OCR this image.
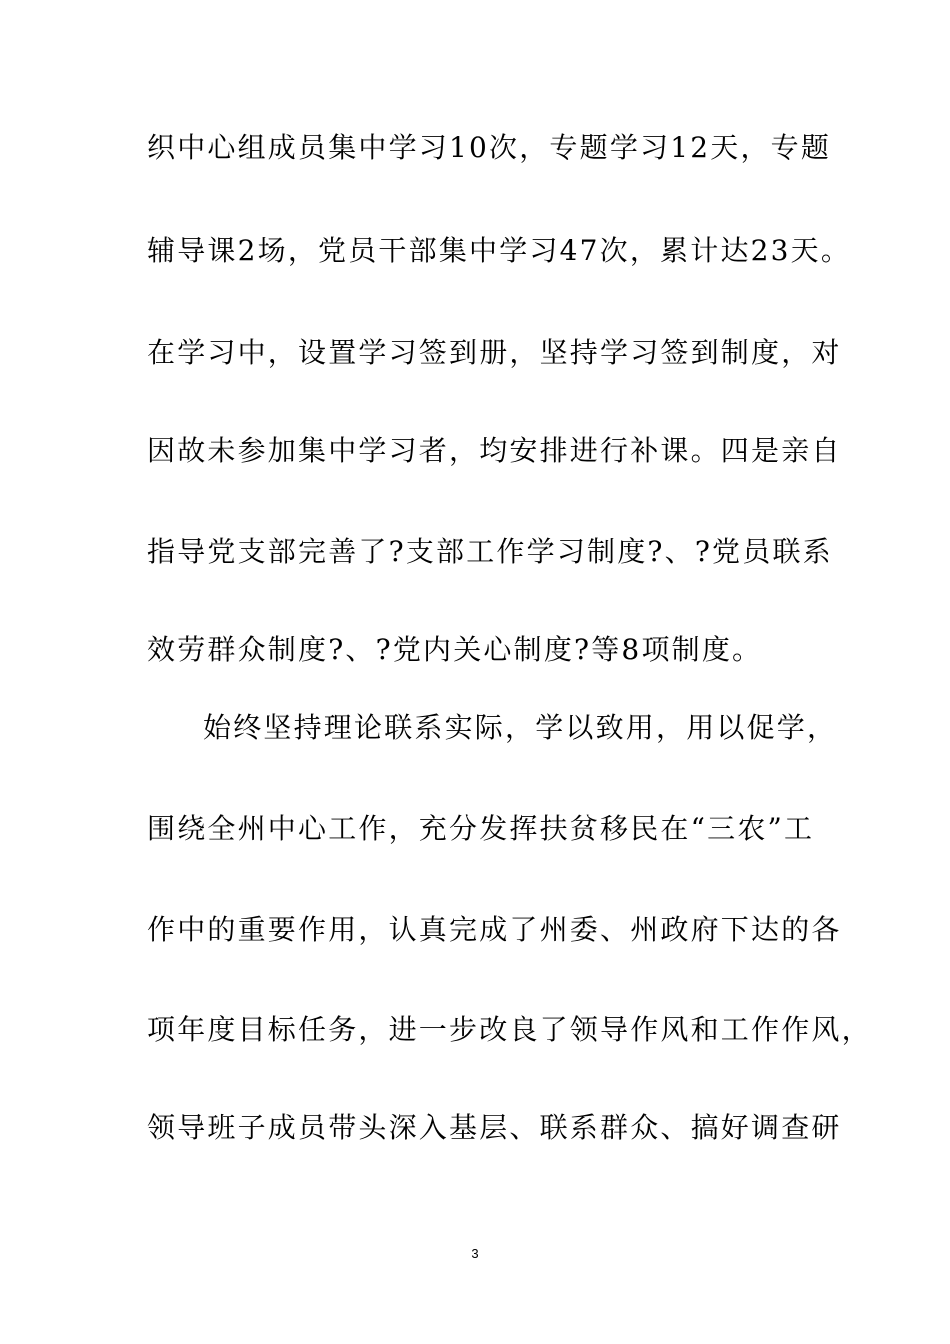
织中心组成员集中学习10次，专题学习12天，专题
辅导课2场，党员干部集中学习47次，累计达23天。
在学习中，设置学习签到册，坚持学习签到制度，对
因故未参加集中学习者，均安排进行补课。四是亲自
指导党支部完善了?支部工作学习制度?、?党员联系
效劳群众制度?、?党内关心制度?等8项制度。
始终坚持理论联系实际，学以致用，用以促学，
围绕全州中心工作，充分发挥扶贫移民在“三农”工
作中的重要作用，认真完成了州委、州政府下达的各
项年度目标任务，进一步改良了领导作风和工作作风，
领导班子成员带头深入基层、联系群众、搞好调查研
3
